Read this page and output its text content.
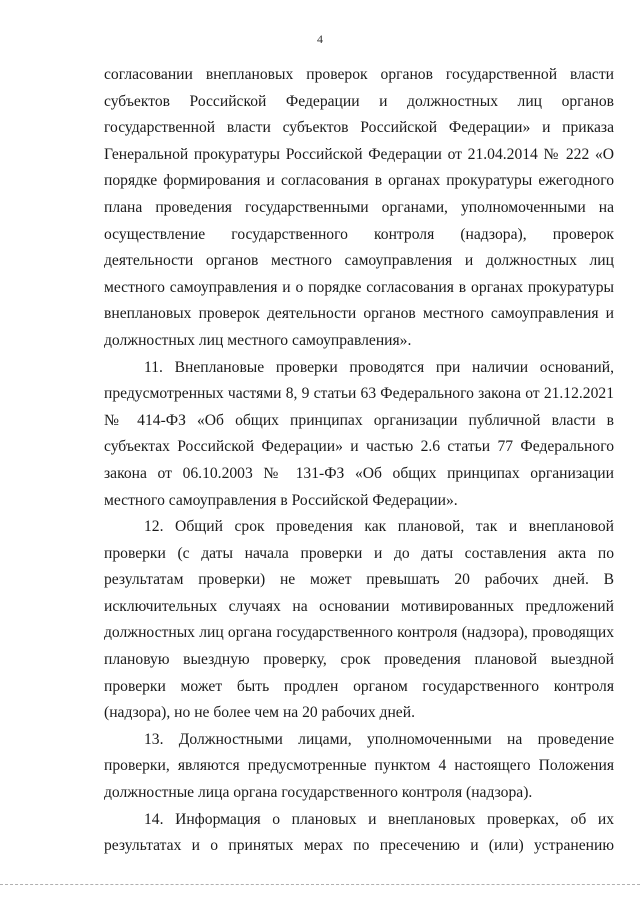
4

согласовании внеплановых проверок органов государственной власти субъектов Российской Федерации и должностных лиц органов государственной власти субъектов Российской Федерации» и приказа Генеральной прокуратуры Российской Федерации от 21.04.2014 № 222 «О порядке формирования и согласования в органах прокуратуры ежегодного плана проведения государственными органами, уполномоченными на осуществление государственного контроля (надзора), проверок деятельности органов местного самоуправления и должностных лиц местного самоуправления и о порядке согласования в органах прокуратуры внеплановых проверок деятельности органов местного самоуправления и должностных лиц местного самоуправления».

11. Внеплановые проверки проводятся при наличии оснований, предусмотренных частями 8, 9 статьи 63 Федерального закона от 21.12.2021 № 414-ФЗ «Об общих принципах организации публичной власти в субъектах Российской Федерации» и частью 2.6 статьи 77 Федерального закона от 06.10.2003 № 131-ФЗ «Об общих принципах организации местного самоуправления в Российской Федерации».

12. Общий срок проведения как плановой, так и внеплановой проверки (с даты начала проверки и до даты составления акта по результатам проверки) не может превышать 20 рабочих дней. В исключительных случаях на основании мотивированных предложений должностных лиц органа государственного контроля (надзора), проводящих плановую выездную проверку, срок проведения плановой выездной проверки может быть продлен органом государственного контроля (надзора), но не более чем на 20 рабочих дней.

13. Должностными лицами, уполномоченными на проведение проверки, являются предусмотренные пунктом 4 настоящего Положения должностные лица органа государственного контроля (надзора).

14. Информация о плановых и внеплановых проверках, об их результатах и о принятых мерах по пресечению и (или) устранению
